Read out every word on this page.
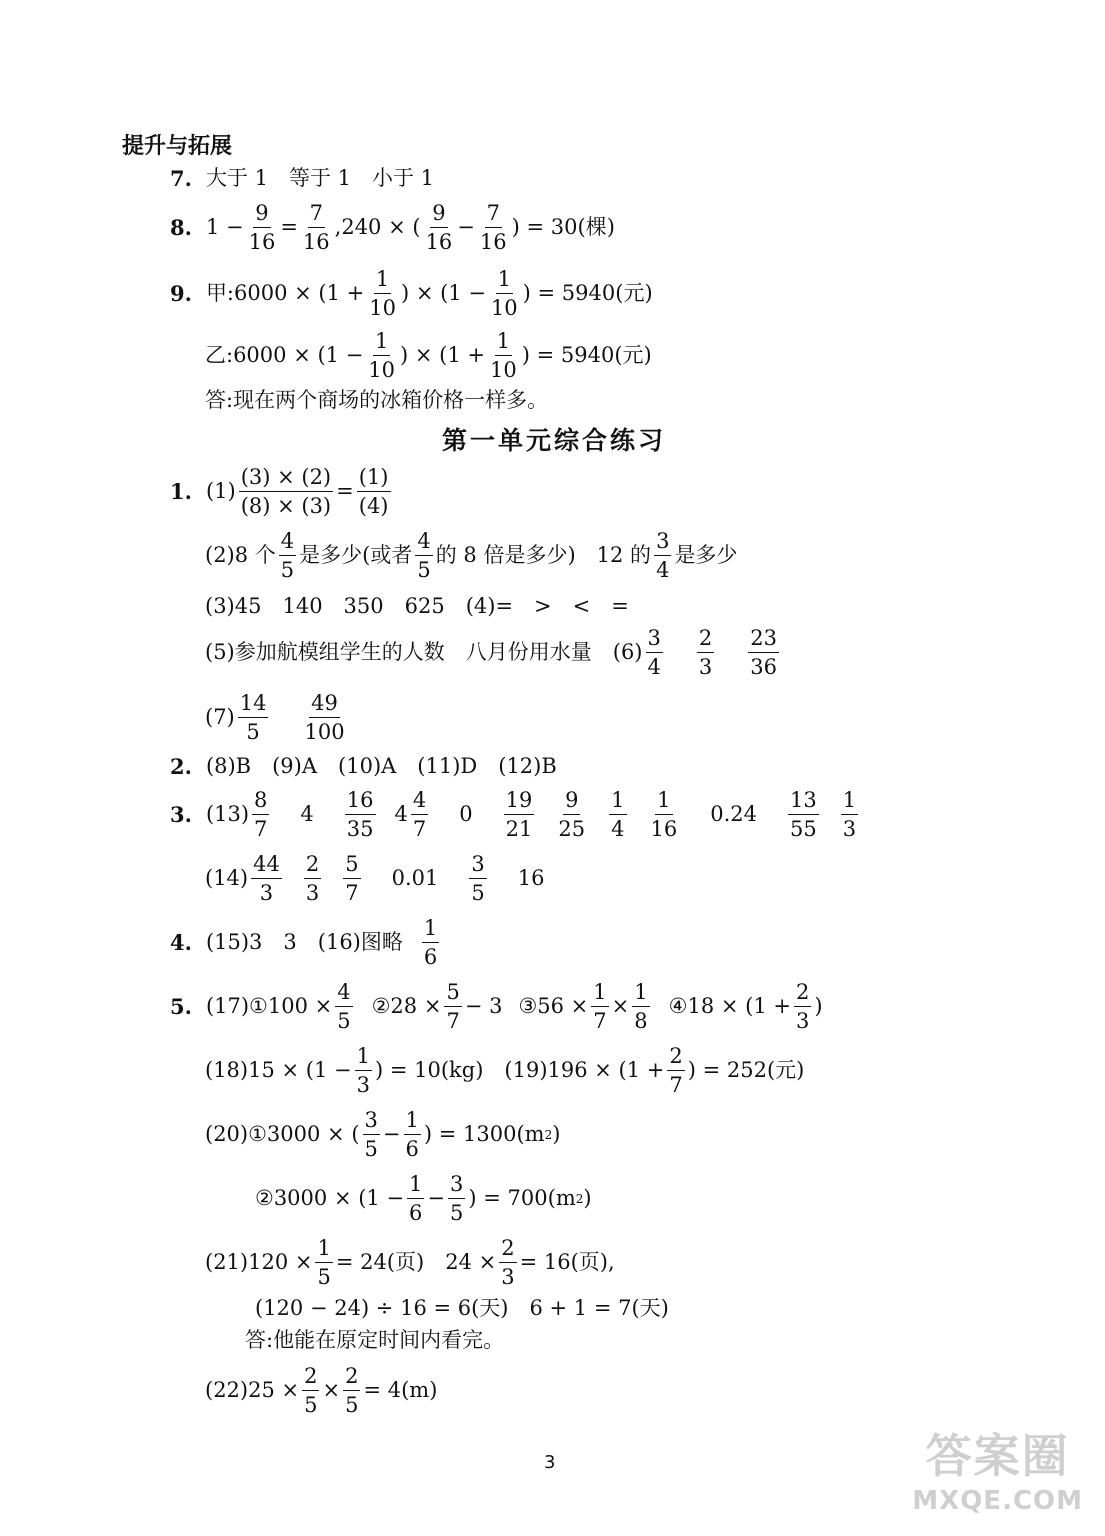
提升与拓展
7. 大于 1　等于 1　小于 1
8. $1 - \frac{9}{16} = \frac{7}{16} ,240$ × ( $\frac{9}{16} - \frac{7}{16}$ ) = 30(棵)
9. 甲:6000 × ($1 + \frac{1}{10}$ ) × ($1 - \frac{1}{10}$ ) = 5940(元)
乙:6000 × ($1 - \frac{1}{10}$ ) × ($1 + \frac{1}{10}$ ) = 5940(元)
答:现在两个商场的冰箱价格一样多。
第一单元综合练习
1. $(1) \frac{(3) \times (2)}{(8) \times (3)} = \frac{(1)}{(4)}$
(2)8 个 $\frac{4}{5}$ 是多少(或者 $\frac{4}{5}$ 的 8 倍是多少)　12 的 $\frac{3}{4}$ 是多少
(3)45　140　350　625　(4)=　>　<　=
(5)参加航模组学生的人数　八月份用水量　$(6) \frac{3}{4} \frac{2}{3} \frac{23}{36}$
$(7) \frac{14}{5} \frac{49}{100}$
2. (8)B　(9)A　(10)A　(11)D　(12)B
3. $(13) \frac{8}{7} 4 \frac{16}{35} 4 \frac{4}{7} 0 \frac{19}{21} \frac{9}{25} \frac{1}{4} \frac{1}{16} 0.24 \frac{13}{55} \frac{1}{3}$
$(14) \frac{44}{3} \frac{2}{3} \frac{5}{7} 0.01 \frac{3}{5} 16$
4. (15)3　3　(16)图略 $\frac{1}{6}$
5. (17)①100 × $\frac{4}{5}$ ②28 × $\frac{5}{7} - 3$ ③56 × $\frac{1}{7} \times \frac{1}{8}$ ④18 × ($1 + \frac{2}{3}$ )
$(18)15 \times (1 - \frac{1}{3}$ ) = 10(kg)　$(19)196 \times (1 + \frac{2}{7}$ ) = 252(元)
(20)①3000 × ( $\frac{3}{5} - \frac{1}{6}$ ) = 1300(m 2 )
②3000 × ($1 - \frac{1}{6} - \frac{3}{5}$ ) = 700(m 2 )
$(21)120 \times \frac{1}{5} = 24$(页)　$24 \times \frac{2}{3} = 16$(页),
(120 − 24) ÷ 16 = 6(天)　6 + 1 = 7(天)
答:他能在原定时间内看完。
$(22)25 \times \frac{2}{5} \times \frac{2}{5} = 4(m)$
3	答案圈
MXQE.COM
